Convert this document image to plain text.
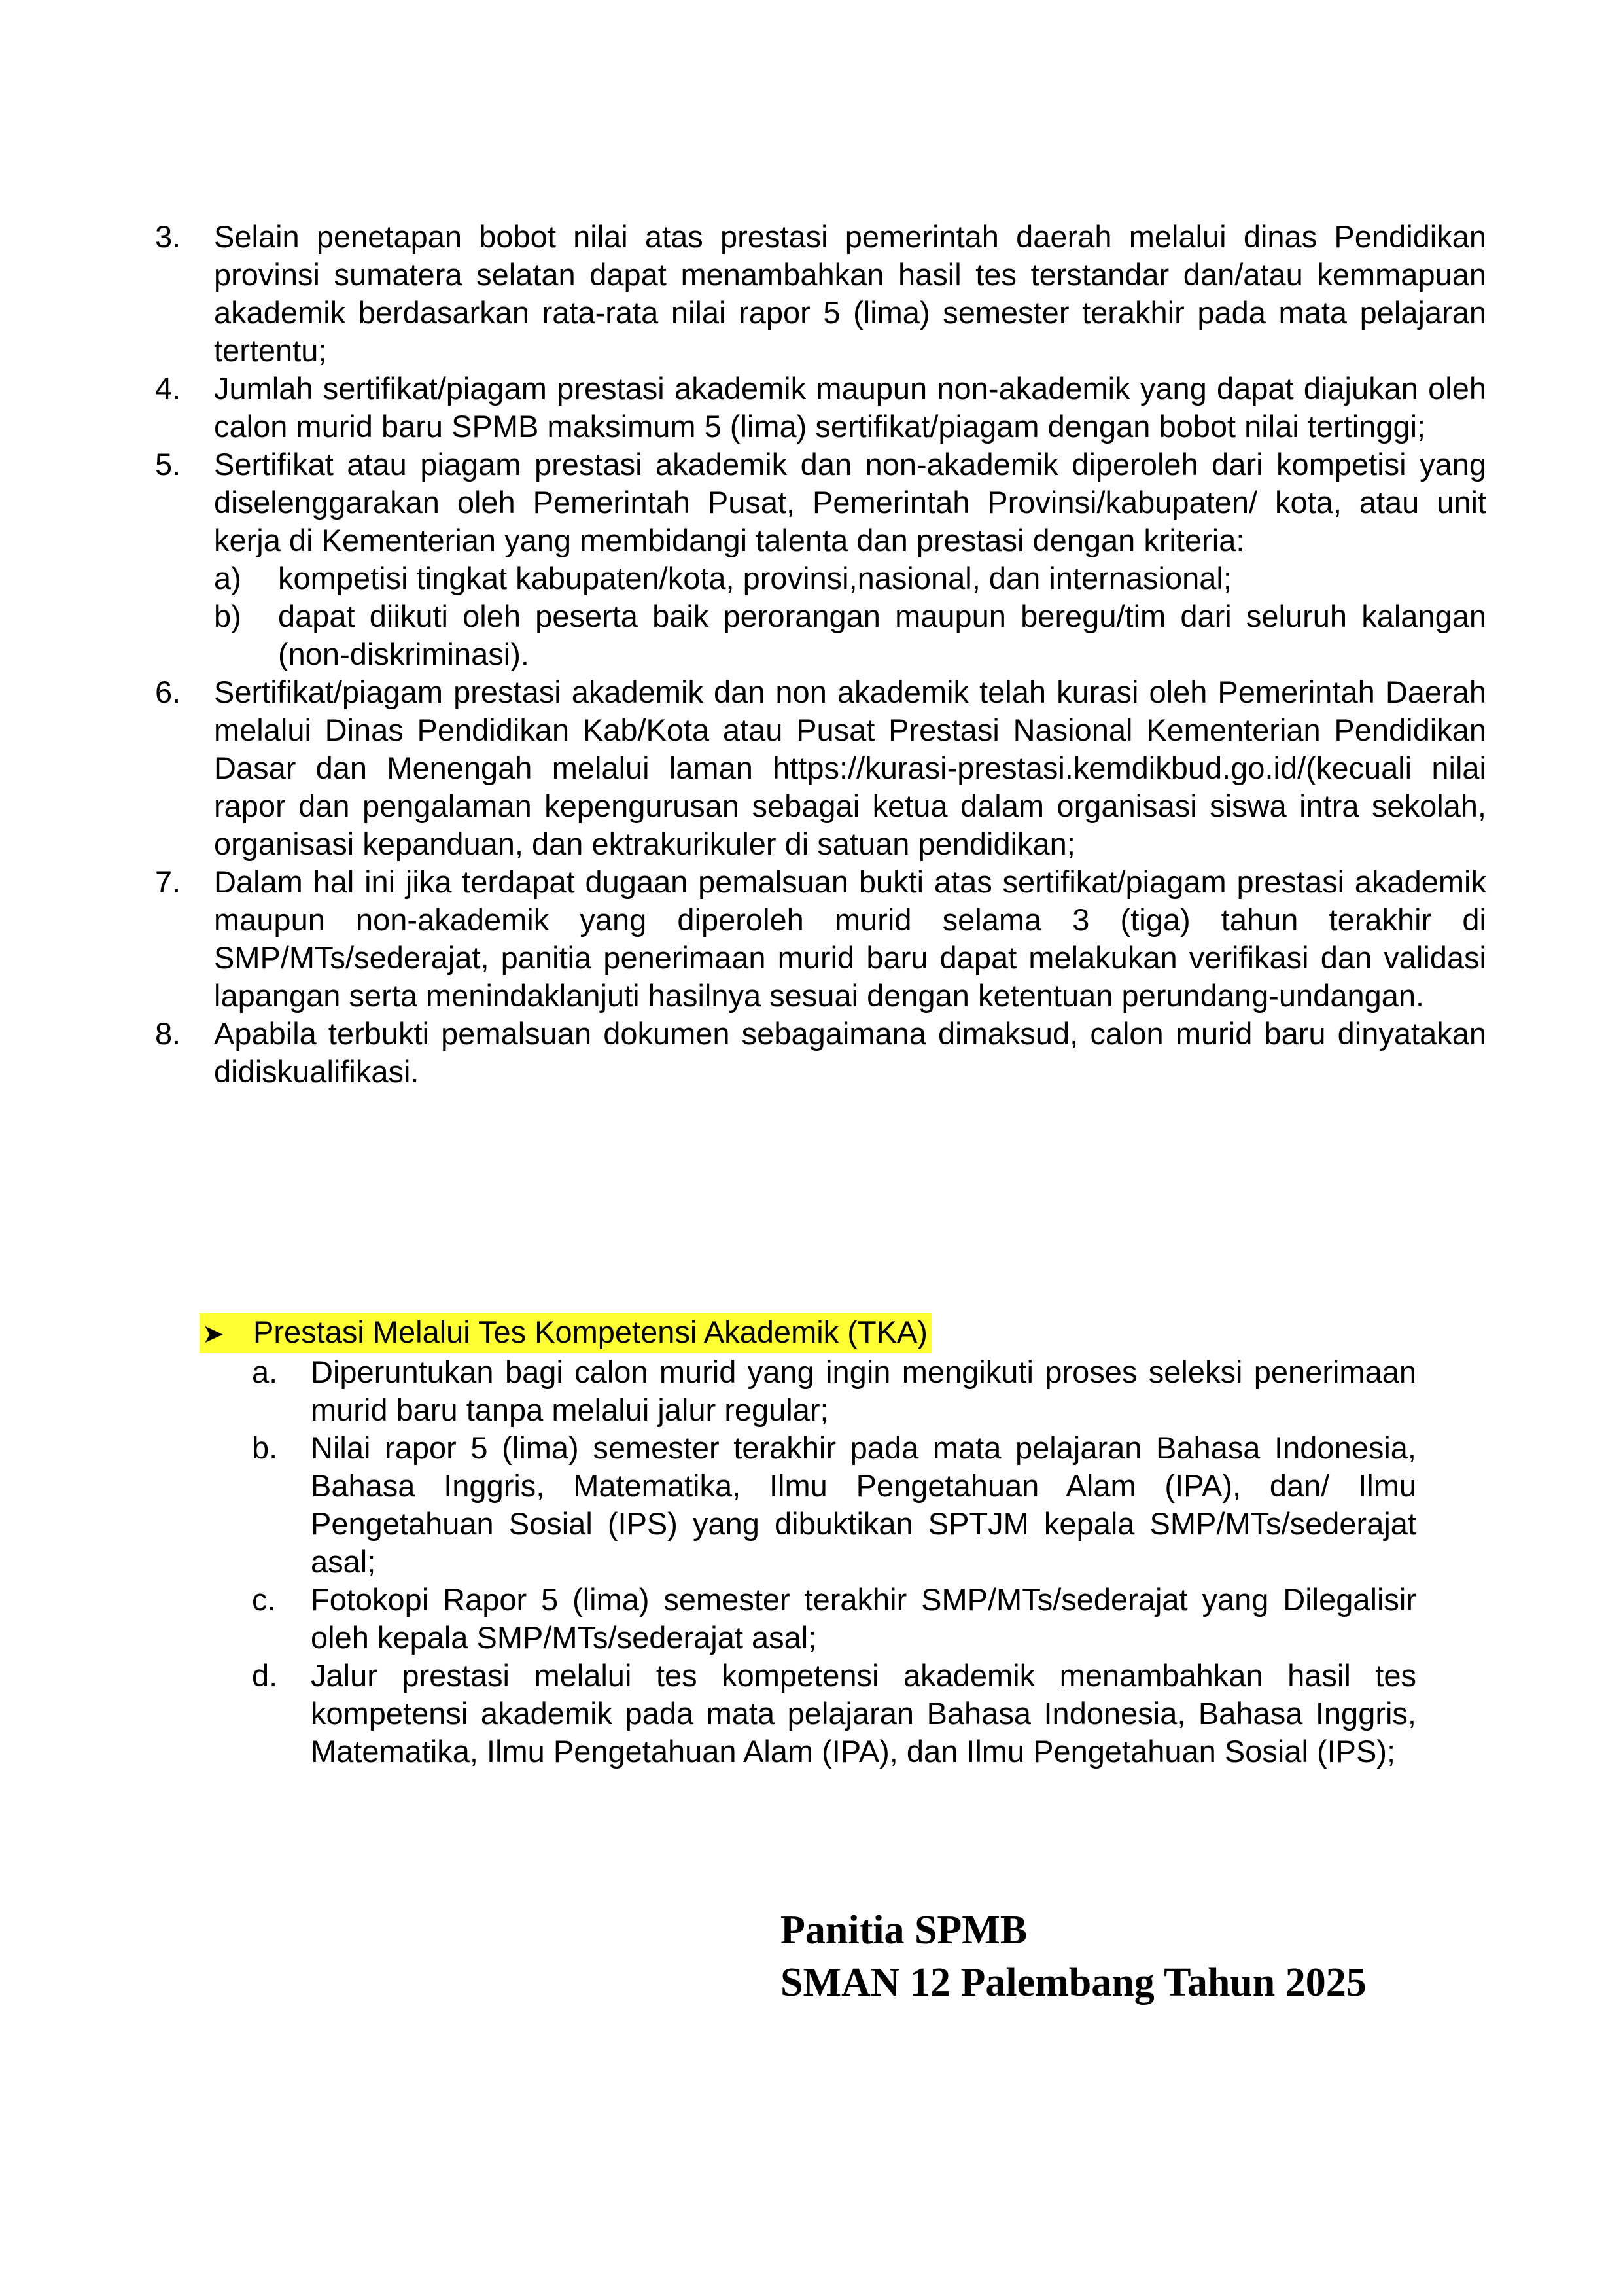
3.	Selain penetapan bobot nilai atas prestasi pemerintah daerah melalui dinas Pendidikan provinsi sumatera selatan dapat menambahkan hasil tes terstandar dan/atau kemmapuan akademik berdasarkan rata-rata nilai rapor 5 (lima) semester terakhir pada mata pelajaran tertentu;
4.	Jumlah sertifikat/piagam prestasi akademik maupun non-akademik yang dapat diajukan oleh calon murid baru SPMB maksimum 5 (lima) sertifikat/piagam dengan bobot nilai tertinggi;
5.	Sertifikat atau piagam prestasi akademik dan non-akademik diperoleh dari kompetisi yang diselenggarakan oleh Pemerintah Pusat, Pemerintah Provinsi/kabupaten/ kota, atau unit kerja di Kementerian yang membidangi talenta dan prestasi dengan kriteria:
a)	kompetisi tingkat kabupaten/kota, provinsi,nasional, dan internasional;
b)	dapat diikuti oleh peserta baik perorangan maupun beregu/tim dari seluruh kalangan (non-diskriminasi).
6.	Sertifikat/piagam prestasi akademik dan non akademik telah kurasi oleh Pemerintah Daerah melalui Dinas Pendidikan Kab/Kota atau Pusat Prestasi Nasional Kementerian Pendidikan Dasar dan Menengah melalui laman https://kurasi-prestasi.kemdikbud.go.id/(kecuali nilai rapor dan pengalaman kepengurusan sebagai ketua dalam organisasi siswa intra sekolah, organisasi kepanduan, dan ektrakurikuler di satuan pendidikan;
7.	Dalam hal ini jika terdapat dugaan pemalsuan bukti atas sertifikat/piagam prestasi akademik maupun non-akademik yang diperoleh murid selama 3 (tiga) tahun terakhir di SMP/MTs/sederajat, panitia penerimaan murid baru dapat melakukan verifikasi dan validasi lapangan serta menindaklanjuti hasilnya sesuai dengan ketentuan perundang-undangan.
8.	Apabila terbukti pemalsuan dokumen sebagaimana dimaksud, calon murid baru dinyatakan didiskualifikasi.
➤ Prestasi Melalui Tes Kompetensi Akademik (TKA)
a.	Diperuntukan bagi calon murid yang ingin mengikuti proses seleksi penerimaan murid baru tanpa melalui jalur regular;
b.	Nilai rapor 5 (lima) semester terakhir pada mata pelajaran Bahasa Indonesia, Bahasa Inggris, Matematika, Ilmu Pengetahuan Alam (IPA), dan/ Ilmu Pengetahuan Sosial (IPS) yang dibuktikan SPTJM kepala SMP/MTs/sederajat asal;
c.	Fotokopi Rapor 5 (lima) semester terakhir SMP/MTs/sederajat yang Dilegalisir oleh kepala SMP/MTs/sederajat asal;
d.	Jalur prestasi melalui tes kompetensi akademik menambahkan hasil tes kompetensi akademik pada mata pelajaran Bahasa Indonesia, Bahasa Inggris, Matematika, Ilmu Pengetahuan Alam (IPA), dan Ilmu Pengetahuan Sosial (IPS);
Panitia SPMB
SMAN 12 Palembang Tahun 2025
